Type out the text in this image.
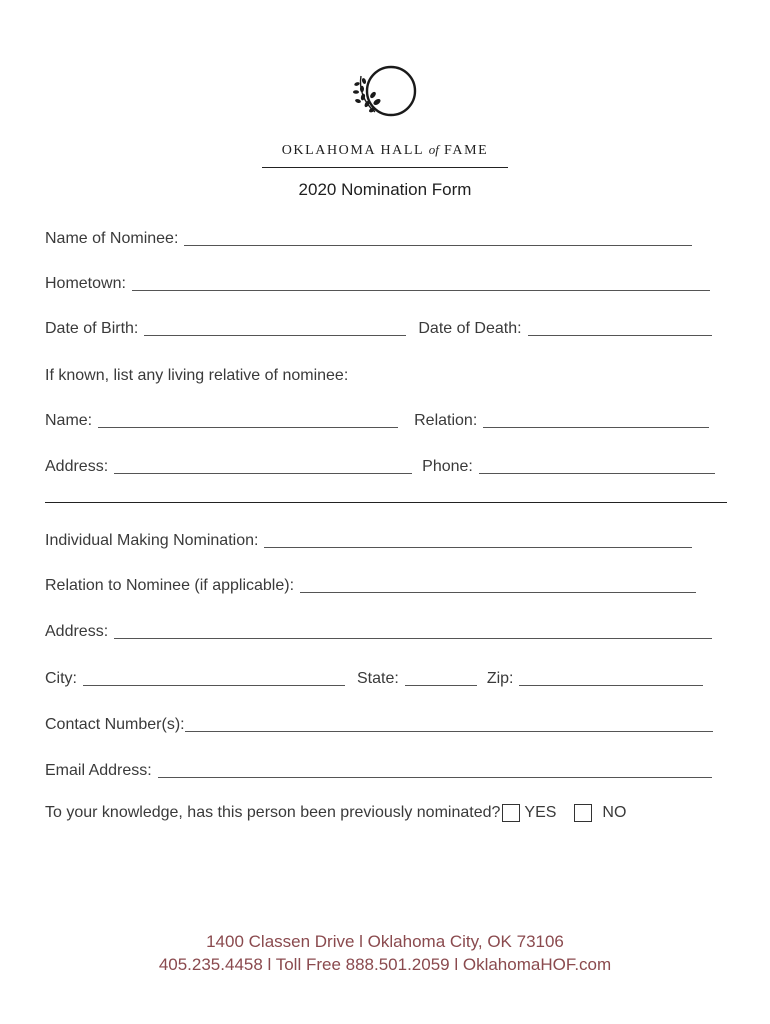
OKLAHOMA HALL of FAME
2020 Nomination Form
Name of Nominee:
Hometown:
Date of Birth:	Date of Death:
If known, list any living relative of nominee:
Name:	Relation:
Address:	Phone:
Individual Making Nomination:
Relation to Nominee (if applicable):
Address:
City:	State:	Zip:
Contact Number(s):
Email Address:
To your knowledge, has this person been previously nominated? YES	NO
1400 Classen Drive l Oklahoma City, OK 73106
405.235.4458 l Toll Free 888.501.2059 l OklahomaHOF.com
